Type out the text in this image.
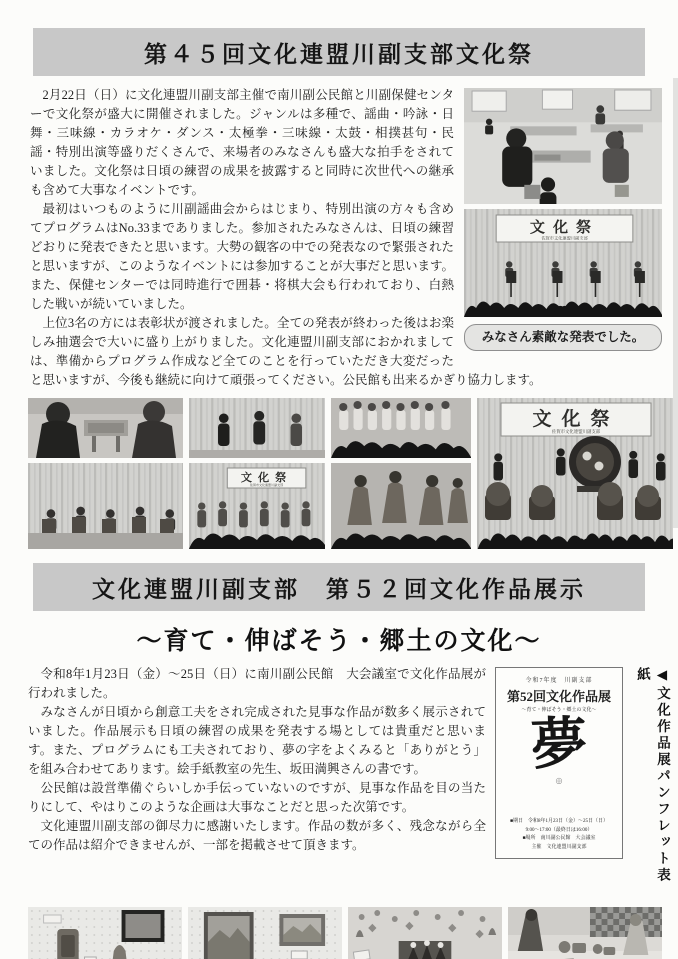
第４５回文化連盟川副支部文化祭
文化祭
佐賀市文化連盟川副支部
みなさん素敵な発表でした。

2月22日（日）に文化連盟川副支部主催で南川副公民館と川副保健センターで文化祭が盛大に開催されました。ジャンルは多種で、謡曲・吟詠・日舞・三味線・カラオケ・ダンス・太極拳・三味線・太鼓・相撲甚句・民謡・特別出演等盛りだくさんで、来場者のみなさんも盛大な拍手をされていました。文化祭は日頃の練習の成果を披露すると同時に次世代への継承も含めて大事なイベントです。

最初はいつものように川副謡曲会からはじまり、特別出演の方々も含めてプログラムはNo.33までありました。参加されたみなさんは、日頃の練習どおりに発表できたと思います。大勢の観客の中での発表なので緊張されたと思いますが、このようなイベントには参加することが大事だと思います。また、保健センターでは同時進行で囲碁・将棋大会も行われており、白熱した戦いが続いていました。

上位3名の方には表彰状が渡されました。全ての発表が終わった後はお楽しみ抽選会で大いに盛り上がりました。文化連盟川副支部におかれましては、準備からプログラム作成など全てのことを行っていただき大変だったと思いますが、今後も継続に向けて頑張ってください。公民館も出来るかぎり協力します。

文化祭
佐賀市文化連盟川副支部
文化祭
佐賀市文化連盟川副支部
文化連盟川副支部　第５２回文化作品展示
～育て・伸ばそう・郷土の文化～

令和8年1月23日（金）～25日（日）に南川副公民館　大会議室で文化作品展が行われました。

みなさんが日頃から創意工夫をされ完成された見事な作品が数多く展示されていました。作品展示も日頃の練習の成果を発表する場としては貴重だと思います。また、プログラムにも工夫されており、夢の字をよくみると「ありがとう」を組み合わせてあります。絵手紙教室の先生、坂田満興さんの書です。

公民館は設営準備ぐらいしか手伝っていないのですが、見事な作品を目の当たりにして、やはりこのような企画は大事なことだと思った次第です。

文化連盟川副支部の御尽力に感謝いたします。作品の数が多く、残念ながら全ての作品は紹介できませんが、一部を掲載させて頂きます。

令和7年度　川副支部
第52回文化作品展
～育て・伸ばそう・郷土の文化～
夢
◎
■期日　令和8年1月23日（金）～25日（日）
9:00～17:00（最終日は16:00）
■場所　南川副公民館　大会議室
主催　文化連盟川副支部	◀文化作品展パンフレット表紙
